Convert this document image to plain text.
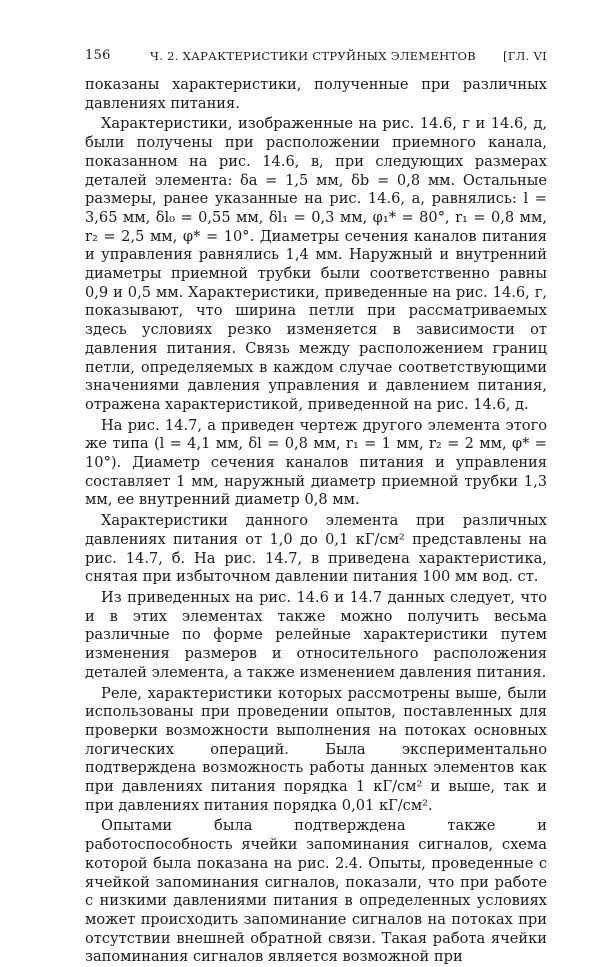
156	Ч. 2. ХАРАКТЕРИСТИКИ СТРУЙНЫХ ЭЛЕМЕНТОВ [ГЛ. VI

показаны характеристики, полученные при различных давлениях питания.

Характеристики, изображенные на рис. 14.6, г и 14.6, д, были получены при расположении приемного канала, показанном на рис. 14.6, в, при следующих размерах деталей элемента: δa = 1,5 мм, δb = 0,8 мм. Остальные размеры, ранее указанные на рис. 14.6, а, равнялись: l = 3,65 мм, δl₀ = 0,55 мм, δl₁ = 0,3 мм, φ₁* = 80°, r₁ = 0,8 мм, r₂ = 2,5 мм, φ* = 10°. Диаметры сечения каналов питания и управления равнялись 1,4 мм. Наружный и внутренний диаметры приемной трубки были соответственно равны 0,9 и 0,5 мм. Характеристики, приведенные на рис. 14.6, г, показывают, что ширина петли при рассматриваемых здесь условиях резко изменяется в зависимости от давления питания. Связь между расположением границ петли, определяемых в каждом случае соответствующими значениями давления управления и давлением питания, отражена характеристикой, приведенной на рис. 14.6, д.

На рис. 14.7, а приведен чертеж другого элемента этого же типа (l = 4,1 мм, δl = 0,8 мм, r₁ = 1 мм, r₂ = 2 мм, φ* = 10°). Диаметр сечения каналов питания и управления составляет 1 мм, наружный диаметр приемной трубки 1,3 мм, ее внутренний диаметр 0,8 мм.

Характеристики данного элемента при различных давлениях питания от 1,0 до 0,1 кГ/см² представлены на рис. 14.7, б. На рис. 14.7, в приведена характеристика, снятая при избыточном давлении питания 100 мм вод. ст.

Из приведенных на рис. 14.6 и 14.7 данных следует, что и в этих элементах также можно получить весьма различные по форме релейные характеристики путем изменения размеров и относительного расположения деталей элемента, а также изменением давления питания.

Реле, характеристики которых рассмотрены выше, были использованы при проведении опытов, поставленных для проверки возможности выполнения на потоках основных логических операций. Была экспериментально подтверждена возможность работы данных элементов как при давлениях питания порядка 1 кГ/см² и выше, так и при давлениях питания порядка 0,01 кГ/см².

Опытами была подтверждена также и работоспособность ячейки запоминания сигналов, схема которой была показана на рис. 2.4. Опыты, проведенные с ячейкой запоминания сигналов, показали, что при работе с низкими давлениями питания в определенных условиях может происходить запоминание сигналов на потоках при отсутствии внешней обратной связи. Такая работа ячейки запоминания сигналов является возможной при
